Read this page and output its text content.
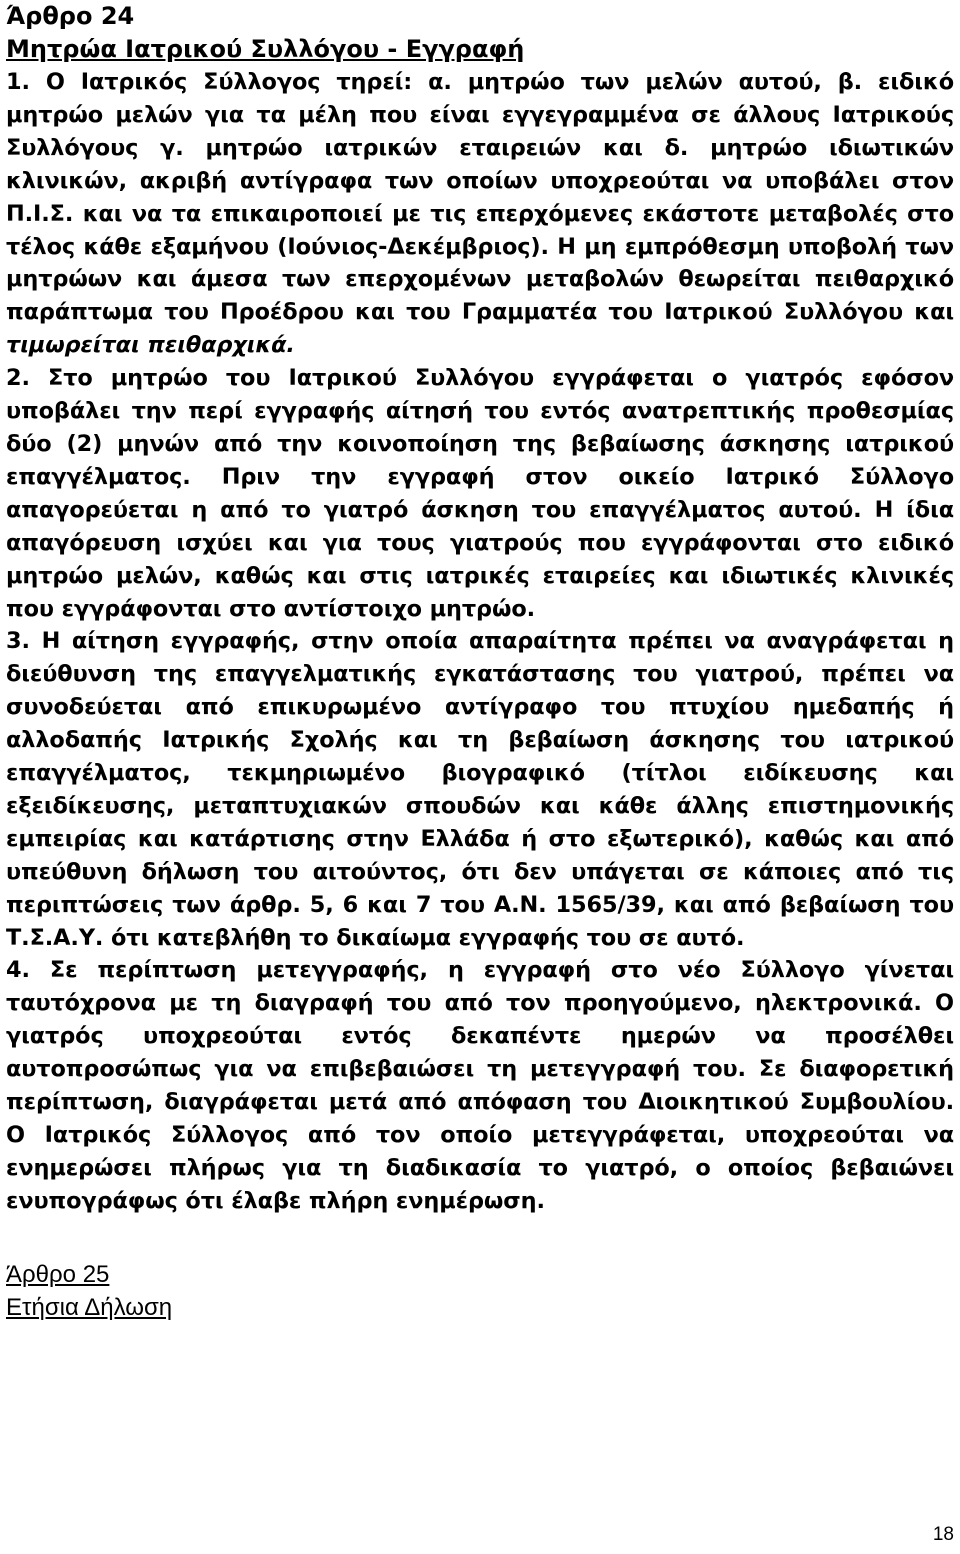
Άρθρο 24
Μητρώα Ιατρικού Συλλόγου - Εγγραφή

1. Ο Ιατρικός Σύλλογος τηρεί: α. μητρώο των μελών αυτού, β. ειδικό μητρώο μελών για τα μέλη που είναι εγγεγραμμένα σε άλλους Ιατρικούς Συλλόγους γ. μητρώο ιατρικών εταιρειών και δ. μητρώο ιδιωτικών κλινικών, ακριβή αντίγραφα των οποίων υποχρεούται να υποβάλει στον Π.Ι.Σ. και να τα επικαιροποιεί με τις επερχόμενες εκάστοτε μεταβολές στο τέλος κάθε εξαμήνου (Ιούνιος-Δεκέμβριος). Η μη εμπρόθεσμη υποβολή των μητρώων και άμεσα των επερχομένων μεταβολών θεωρείται πειθαρχικό παράπτωμα του Προέδρου και του Γραμματέα του Ιατρικού Συλλόγου και τιμωρείται πειθαρχικά.

2. Στο μητρώο του Ιατρικού Συλλόγου εγγράφεται ο γιατρός εφόσον υποβάλει την περί εγγραφής αίτησή του εντός ανατρεπτικής προθεσμίας δύο (2) μηνών από την κοινοποίηση της βεβαίωσης άσκησης ιατρικού επαγγέλματος. Πριν την εγγραφή στον οικείο Ιατρικό Σύλλογο απαγορεύεται η από το γιατρό άσκηση του επαγγέλματος αυτού. Η ίδια απαγόρευση ισχύει και για τους γιατρούς που εγγράφονται στο ειδικό μητρώο μελών, καθώς και στις ιατρικές εταιρείες και ιδιωτικές κλινικές που εγγράφονται στο αντίστοιχο μητρώο.

3. Η αίτηση εγγραφής, στην οποία απαραίτητα πρέπει να αναγράφεται η διεύθυνση της επαγγελματικής εγκατάστασης του γιατρού, πρέπει να συνοδεύεται από επικυρωμένο αντίγραφο του πτυχίου ημεδαπής ή αλλοδαπής Ιατρικής Σχολής και τη βεβαίωση άσκησης του ιατρικού επαγγέλματος, τεκμηριωμένο βιογραφικό (τίτλοι ειδίκευσης και εξειδίκευσης, μεταπτυχιακών σπουδών και κάθε άλλης επιστημονικής εμπειρίας και κατάρτισης στην Ελλάδα ή στο εξωτερικό), καθώς και από υπεύθυνη δήλωση του αιτούντος, ότι δεν υπάγεται σε κάποιες από τις περιπτώσεις των άρθρ. 5, 6 και 7 του Α.Ν. 1565/39, και από βεβαίωση του Τ.Σ.Α.Υ. ότι κατεβλήθη το δικαίωμα εγγραφής του σε αυτό.

4. Σε περίπτωση μετεγγραφής, η εγγραφή στο νέο Σύλλογο γίνεται ταυτόχρονα με τη διαγραφή του από τον προηγούμενο, ηλεκτρονικά. Ο γιατρός υποχρεούται εντός δεκαπέντε ημερών να προσέλθει αυτοπροσώπως για να επιβεβαιώσει τη μετεγγραφή του. Σε διαφορετική περίπτωση, διαγράφεται μετά από απόφαση του Διοικητικού Συμβουλίου. Ο Ιατρικός Σύλλογος από τον οποίο μετεγγράφεται, υποχρεούται να ενημερώσει πλήρως για τη διαδικασία το γιατρό, ο οποίος βεβαιώνει ενυπογράφως ότι έλαβε πλήρη ενημέρωση.

Άρθρο 25

Ετήσια Δήλωση

18
